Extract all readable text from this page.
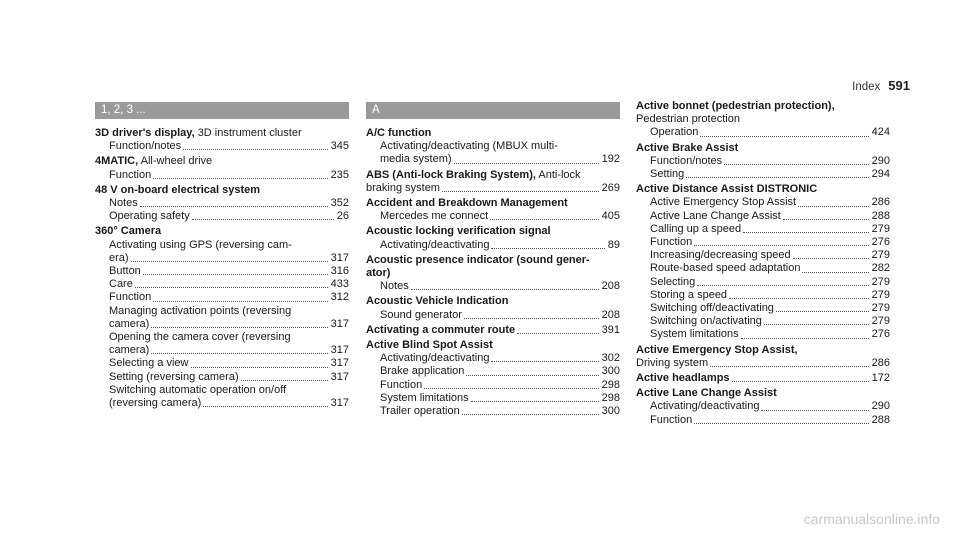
Index 591
1, 2, 3 ...
3D driver's display, 3D instrument cluster
Function/notes	345
4MATIC, All-wheel drive
Function	235
48 V on-board electrical system
Notes	352
Operating safety	26
360° Camera
Activating using GPS (reversing cam-
era)	317
Button	316
Care	433
Function	312
Managing activation points (reversing
camera)	317
Opening the camera cover (reversing
camera)	317
Selecting a view	317
Setting (reversing camera)	317
Switching automatic operation on/off
(reversing camera)	317
A
A/C function
Activating/deactivating (MBUX multi-
media system)	192
ABS (Anti-lock Braking System), Anti-lock
braking system	269
Accident and Breakdown Management
Mercedes me connect	405
Acoustic locking verification signal
Activating/deactivating	89
Acoustic presence indicator (sound gener-
ator)
Notes	208
Acoustic Vehicle Indication
Sound generator	208
Activating a commuter route	391
Active Blind Spot Assist
Activating/deactivating	302
Brake application	300
Function	298
System limitations	298
Trailer operation	300
Active bonnet (pedestrian protection),
Pedestrian protection
Operation	424
Active Brake Assist
Function/notes	290
Setting	294
Active Distance Assist DISTRONIC
Active Emergency Stop Assist	286
Active Lane Change Assist	288
Calling up a speed	279
Function	276
Increasing/decreasing speed	279
Route-based speed adaptation	282
Selecting	279
Storing a speed	279
Switching off/deactivating	279
Switching on/activating	279
System limitations	276
Active Emergency Stop Assist,
Driving system	286
Active headlamps	172
Active Lane Change Assist
Activating/deactivating	290
Function	288
carmanualsonline.info
